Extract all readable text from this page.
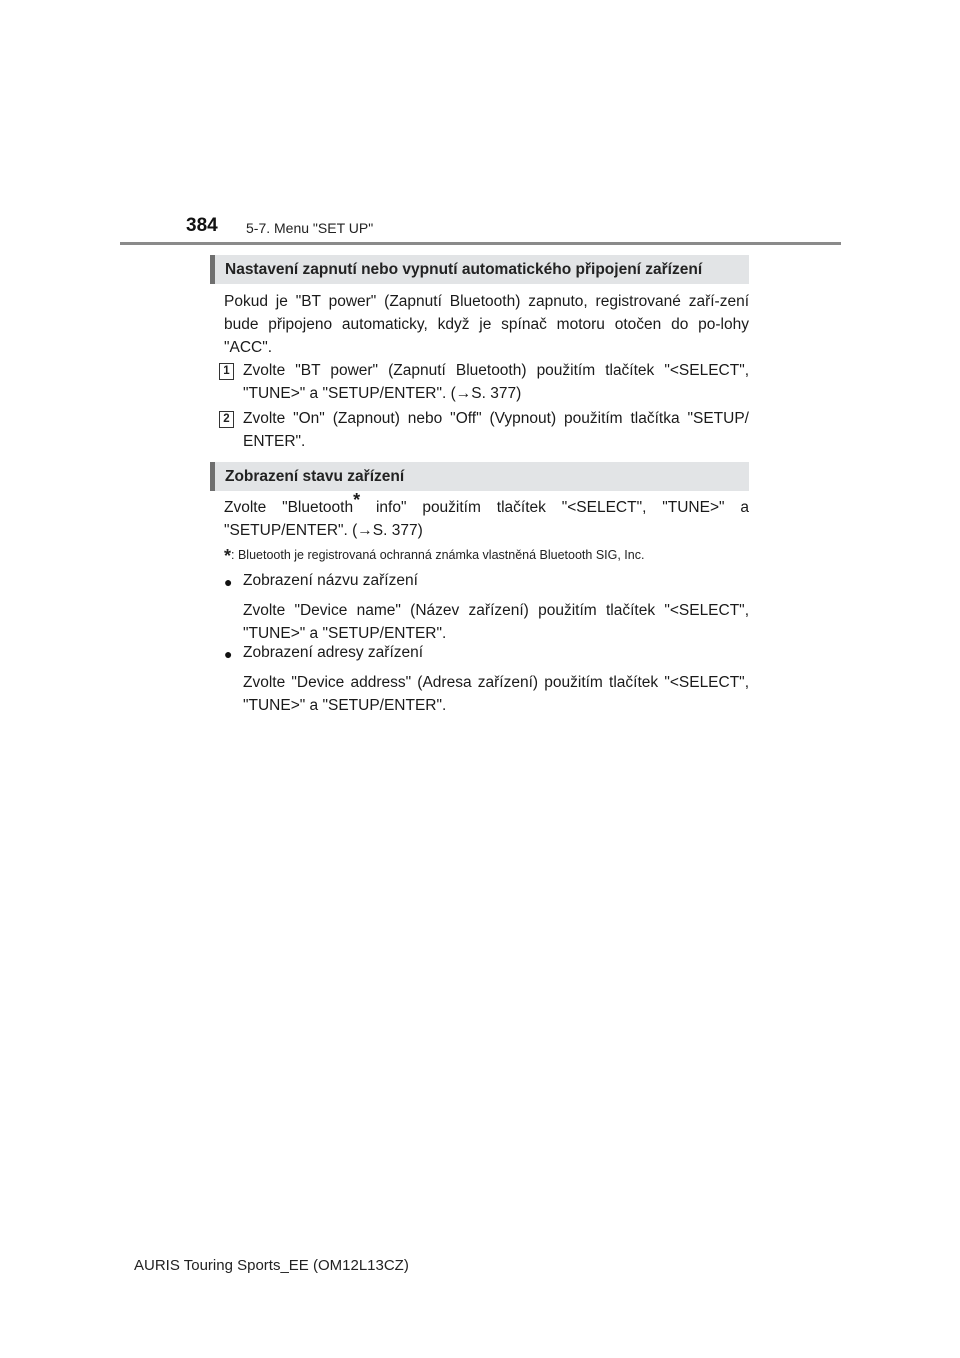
384 5-7. Menu "SET UP"
Nastavení zapnutí nebo vypnutí automatického připojení zařízení
Pokud je "BT power" (Zapnutí Bluetooth) zapnuto, registrované zaří-zení bude připojeno automaticky, když je spínač motoru otočen do po-lohy "ACC".
1 Zvolte "BT power" (Zapnutí Bluetooth) použitím tlačítek "<SELECT", "TUNE>" a "SETUP/ENTER". (→S. 377)
2 Zvolte "On" (Zapnout) nebo "Off" (Vypnout) použitím tlačítka "SETUP/ ENTER".
Zobrazení stavu zařízení
Zvolte "Bluetooth* info" použitím tlačítek "<SELECT", "TUNE>" a "SETUP/ENTER". (→S. 377)
*: Bluetooth je registrovaná ochranná známka vlastněná Bluetooth SIG, Inc.
● Zobrazení názvu zařízení
Zvolte "Device name" (Název zařízení) použitím tlačítek "<SELECT", "TUNE>" a "SETUP/ENTER".
● Zobrazení adresy zařízení
Zvolte "Device address" (Adresa zařízení) použitím tlačítek "<SELECT", "TUNE>" a "SETUP/ENTER".
AURIS Touring Sports_EE (OM12L13CZ)
